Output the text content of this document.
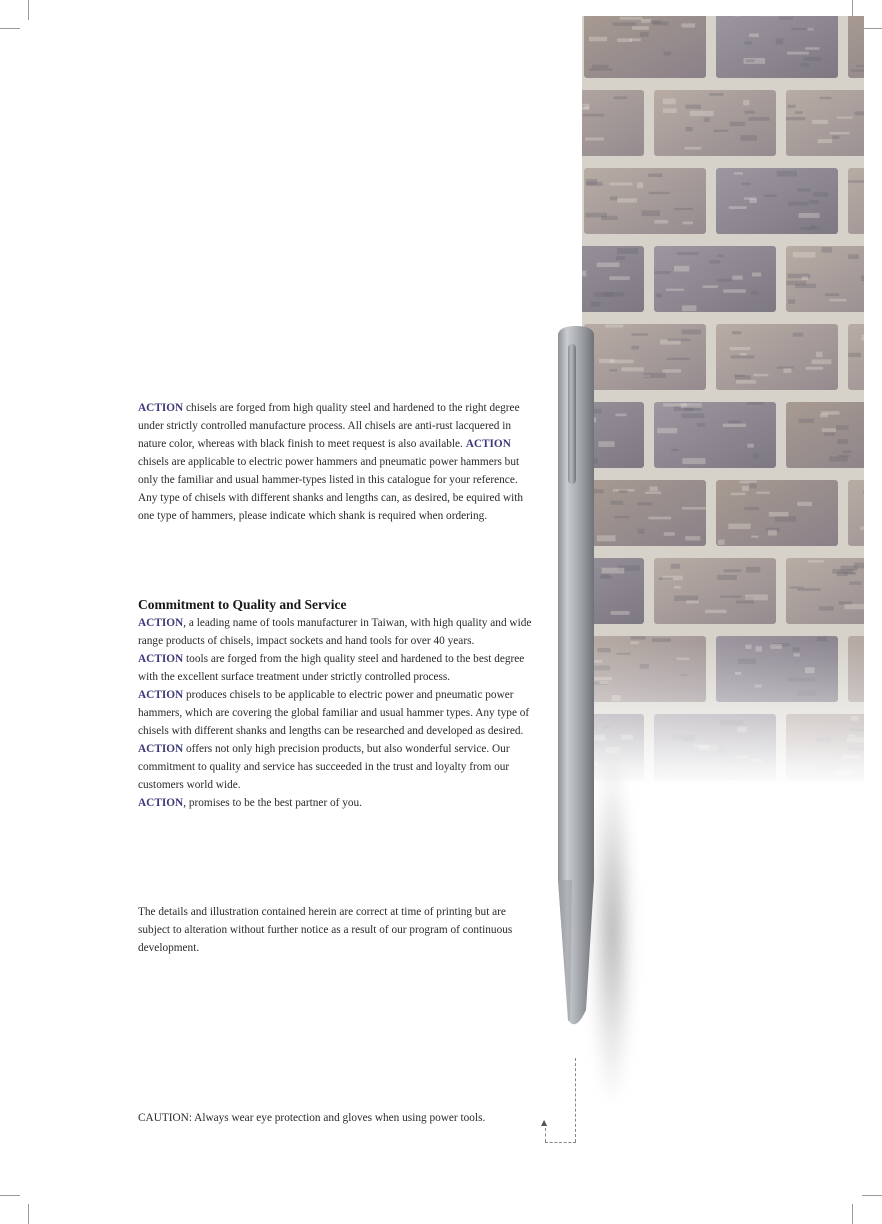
ACTION chisels are forged from high quality steel and hardened to the right degree under strictly controlled manufacture process. All chisels are anti-rust lacquered in nature color, whereas with black finish to meet request is also available. ACTION chisels are applicable to electric power hammers and pneumatic power hammers but only the familiar and usual hammer-types listed in this catalogue for your reference. Any type of chisels with different shanks and lengths can, as desired, be equired with one type of hammers, please indicate which shank is required when ordering.

Commitment to Quality and Service

ACTION, a leading name of tools manufacturer in Taiwan, with high quality and wide range products of chisels, impact sockets and hand tools for over 40 years.

ACTION tools are forged from the high quality steel and hardened to the best degree with the excellent surface treatment under strictly controlled process.

ACTION produces chisels to be applicable to electric power and pneumatic power hammers, which are covering the global familiar and usual hammer types. Any type of chisels with different shanks and lengths can be researched and developed as desired.

ACTION offers not only high precision products, but also wonderful service. Our commitment to quality and service has succeeded in the trust and loyalty from our customers world wide.

ACTION, promises to be the best partner of you.

The details and illustration contained herein are correct at time of printing but are subject to alteration without further notice as a result of our program of continuous development.
CAUTION: Always wear eye protection and gloves when using power tools.	▲
